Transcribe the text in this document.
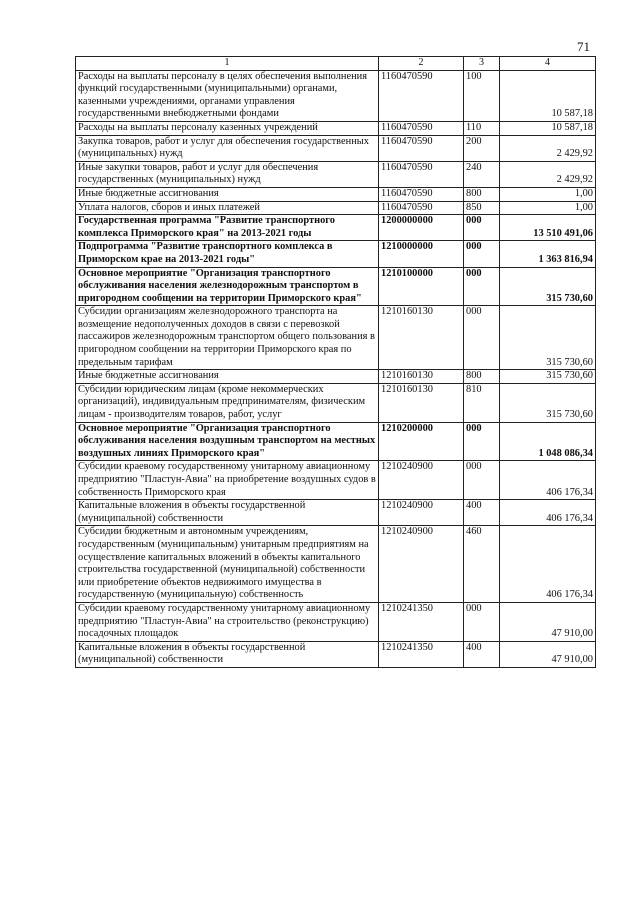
71
1	2	3	4
Расходы на выплаты персоналу в целях обеспечения выполнения функций государственными (муниципальными) органами, казенными учреждениями, органами управления государственными внебюджетными фондами	1160470590	100	10 587,18
Расходы на выплаты персоналу казенных учреждений	1160470590	110	10 587,18
Закупка товаров, работ и услуг для обеспечения государственных (муниципальных) нужд	1160470590	200	2 429,92
Иные закупки товаров, работ и услуг для обеспечения государственных (муниципальных) нужд	1160470590	240	2 429,92
Иные бюджетные ассигнования	1160470590	800	1,00
Уплата налогов, сборов и иных платежей	1160470590	850	1,00
Государственная программа "Развитие транспортного комплекса Приморского края" на 2013-2021 годы	1200000000	000	13 510 491,06
Подпрограмма "Развитие транспортного комплекса в Приморском крае на 2013-2021 годы"	1210000000	000	1 363 816,94
Основное мероприятие "Организация транспортного обслуживания населения железнодорожным транспортом в пригородном сообщении на территории Приморского края"	1210100000	000	315 730,60
Субсидии организациям железнодорожного транспорта на возмещение недополученных доходов в связи с перевозкой пассажиров железнодорожным транспортом общего пользования в пригородном сообщении на территории Приморского края по предельным тарифам	1210160130	000	315 730,60
Иные бюджетные ассигнования	1210160130	800	315 730,60
Субсидии юридическим лицам (кроме некоммерческих организаций), индивидуальным предпринимателям, физическим лицам - производителям товаров, работ, услуг	1210160130	810	315 730,60
Основное мероприятие "Организация транспортного обслуживания населения воздушным транспортом на местных воздушных линиях Приморского края"	1210200000	000	1 048 086,34
Субсидии краевому государственному унитарному авиационному предприятию "Пластун-Авиа" на приобретение воздушных судов в собственность Приморского края	1210240900	000	406 176,34
Капитальные вложения в объекты государственной (муниципальной) собственности	1210240900	400	406 176,34
Субсидии бюджетным и автономным учреждениям, государственным (муниципальным) унитарным предприятиям на осуществление капитальных вложений в объекты капитального строительства государственной (муниципальной) собственности или приобретение объектов недвижимого имущества в государственную (муниципальную) собственность	1210240900	460	406 176,34
Субсидии краевому государственному унитарному авиационному предприятию "Пластун-Авиа" на строительство (реконструкцию) посадочных площадок	1210241350	000	47 910,00
Капитальные вложения в объекты государственной (муниципальной) собственности	1210241350	400	47 910,00
